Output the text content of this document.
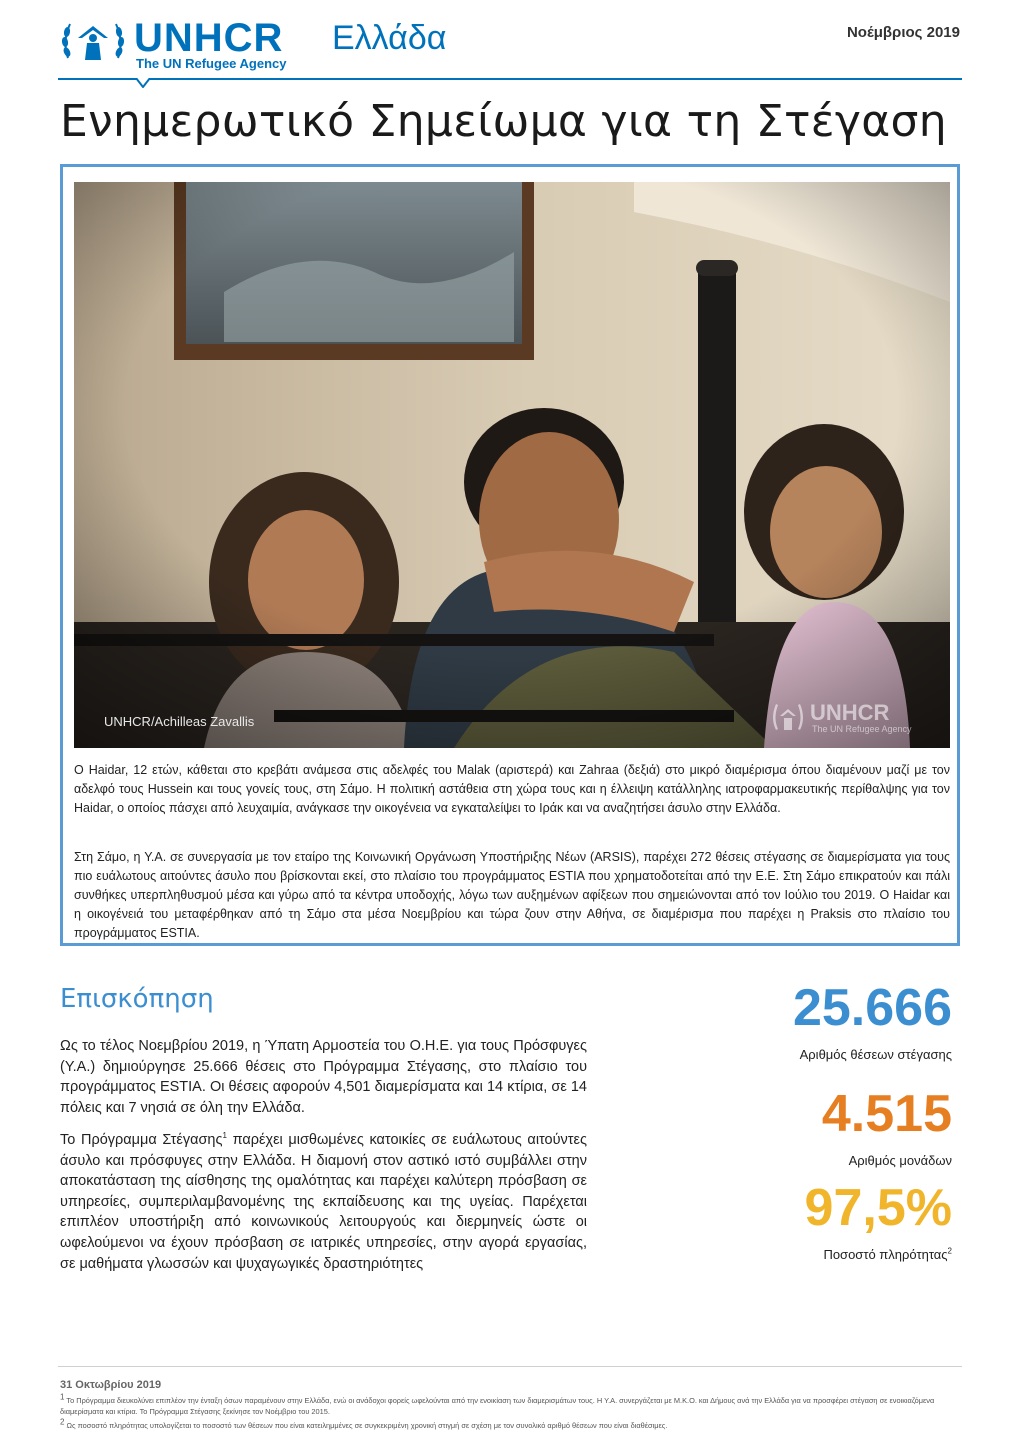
UNHCR
The UN Refugee Agency
Ελλάδα	Νοέμβριος 2019
Ενημερωτικό Σημείωμα για τη Στέγαση
UNHCR/Achilleas Zavallis	UNHCR
The UN Refugee Agency
Ο Haidar, 12 ετών, κάθεται στο κρεβάτι ανάμεσα στις αδελφές του Malak (αριστερά) και Zahraa (δεξιά) στο μικρό διαμέρισμα όπου διαμένουν μαζί με τον αδελφό τους Hussein και τους γονείς τους, στη Σάμο. Η πολιτική αστάθεια στη χώρα τους και η έλλειψη κατάλληλης ιατροφαρμακευτικής περίθαλψης για τον Haidar, ο οποίος πάσχει από λευχαιμία, ανάγκασε την οικογένεια να εγκαταλείψει το Ιράκ και να αναζητήσει άσυλο στην Ελλάδα.
Στη Σάμο, η Υ.Α. σε συνεργασία με τον εταίρο της Κοινωνική Οργάνωση Υποστήριξης Νέων (ARSIS), παρέχει 272 θέσεις στέγασης σε διαμερίσματα για τους πιο ευάλωτους αιτούντες άσυλο που βρίσκονται εκεί, στο πλαίσιο του προγράμματος ESTIA που χρηματοδοτείται από την Ε.Ε. Στη Σάμο επικρατούν και πάλι συνθήκες υπερπληθυσμού μέσα και γύρω από τα κέντρα υποδοχής, λόγω των αυξημένων αφίξεων που σημειώνονται από τον Ιούλιο του 2019. Ο Haidar και η οικογένειά του μεταφέρθηκαν από τη Σάμο στα μέσα Νοεμβρίου και τώρα ζουν στην Αθήνα, σε διαμέρισμα που παρέχει η Praksis στο πλαίσιο του προγράμματος ESTIA.
Επισκόπηση

Ως το τέλος Νοεμβρίου 2019, η Ύπατη Αρμοστεία του Ο.Η.Ε. για τους Πρόσφυγες (Υ.Α.) δημιούργησε 25.666 θέσεις στο Πρόγραμμα Στέγασης, στο πλαίσιο του προγράμματος ESTIA. Οι θέσεις αφορούν 4,501 διαμερίσματα και 14 κτίρια, σε 14 πόλεις και 7 νησιά σε όλη την Ελλάδα.

Το Πρόγραμμα Στέγασης$^1$ παρέχει μισθωμένες κατοικίες σε ευάλωτους αιτούντες άσυλο και πρόσφυγες στην Ελλάδα. Η διαμονή στον αστικό ιστό συμβάλλει στην αποκατάσταση της αίσθησης της ομαλότητας και παρέχει καλύτερη πρόσβαση σε υπηρεσίες, συμπεριλαμβανομένης της εκπαίδευσης και της υγείας. Παρέχεται επιπλέον υποστήριξη από κοινωνικούς λειτουργούς και διερμηνείς ώστε οι ωφελούμενοι να έχουν πρόσβαση σε ιατρικές υπηρεσίες, στην αγορά εργασίας, σε μαθήματα γλωσσών και ψυχαγωγικές δραστηριότητες

25.666
Αριθμός θέσεων στέγασης
4.515
Αριθμός μονάδων
97,5%
Ποσοστό πληρότητας$^2$
31 Οκτωβρίου 2019
$^1$ Το Πρόγραμμα διευκολύνει επιπλέον την ένταξη όσων παραμένουν στην Ελλάδα, ενώ οι ανάδοχοι φορείς ωφελούνται από την ενοικίαση των διαμερισμάτων τους. Η Υ.Α. συνεργάζεται με Μ.Κ.Ο. και Δήμους ανά την Ελλάδα για να προσφέρει στέγαση σε ενοικιαζόμενα διαμερίσματα και κτίρια. Το Πρόγραμμα Στέγασης ξεκίνησε τον Νοέμβριο του 2015.
$^2$ Ως ποσοστό πληρότητας υπολογίζεται το ποσοστό των θέσεων που είναι κατειλημμένες σε συγκεκριμένη χρονική στιγμή σε σχέση με τον συνολικό αριθμό θέσεων που είναι διαθέσιμες.
